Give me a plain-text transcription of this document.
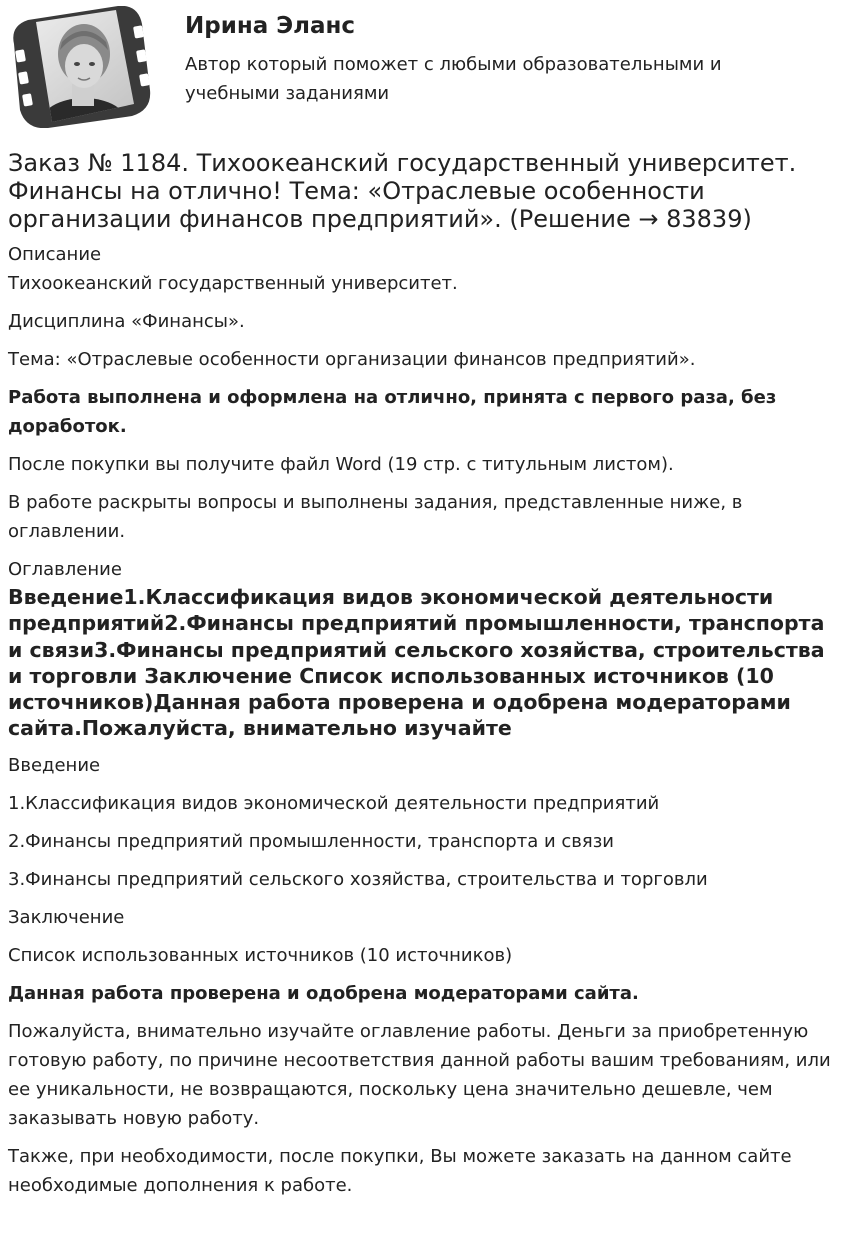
Ирина Эланс
Автор который поможет с любыми образовательными и учебными заданиями
Заказ № 1184. Тихоокеанский государственный университет. Финансы на отлично! Тема: «Отраслевые особенности организации финансов предприятий». (Решение → 83839)

Описание

Тихоокеанский государственный университет.

Дисциплина «Финансы».

Тема: «Отраслевые особенности организации финансов предприятий».

Работа выполнена и оформлена на отлично, принята с первого раза, без доработок.

После покупки вы получите файл Word (19 стр. с титульным листом).

В работе раскрыты вопросы и выполнены задания, представленные ниже, в оглавлении.

Оглавление

Введение1.Классификация видов экономической деятельности предприятий2.Финансы предприятий промышленности, транспорта и связи3.Финансы предприятий сельского хозяйства, строительства и торговли Заключение Список использованных источников (10 источников)Данная работа проверена и одобрена модераторами сайта.Пожалуйста, внимательно изучайте

Введение

1.Классификация видов экономической деятельности предприятий

2.Финансы предприятий промышленности, транспорта и связи

3.Финансы предприятий сельского хозяйства, строительства и торговли

Заключение

Список использованных источников (10 источников)

Данная работа проверена и одобрена модераторами сайта.

Пожалуйста, внимательно изучайте оглавление работы. Деньги за приобретенную готовую работу, по причине несоответствия данной работы вашим требованиям, или ее уникальности, не возвращаются, поскольку цена значительно дешевле, чем заказывать новую работу.

Также, при необходимости, после покупки, Вы можете заказать на данном сайте необходимые дополнения к работе.
